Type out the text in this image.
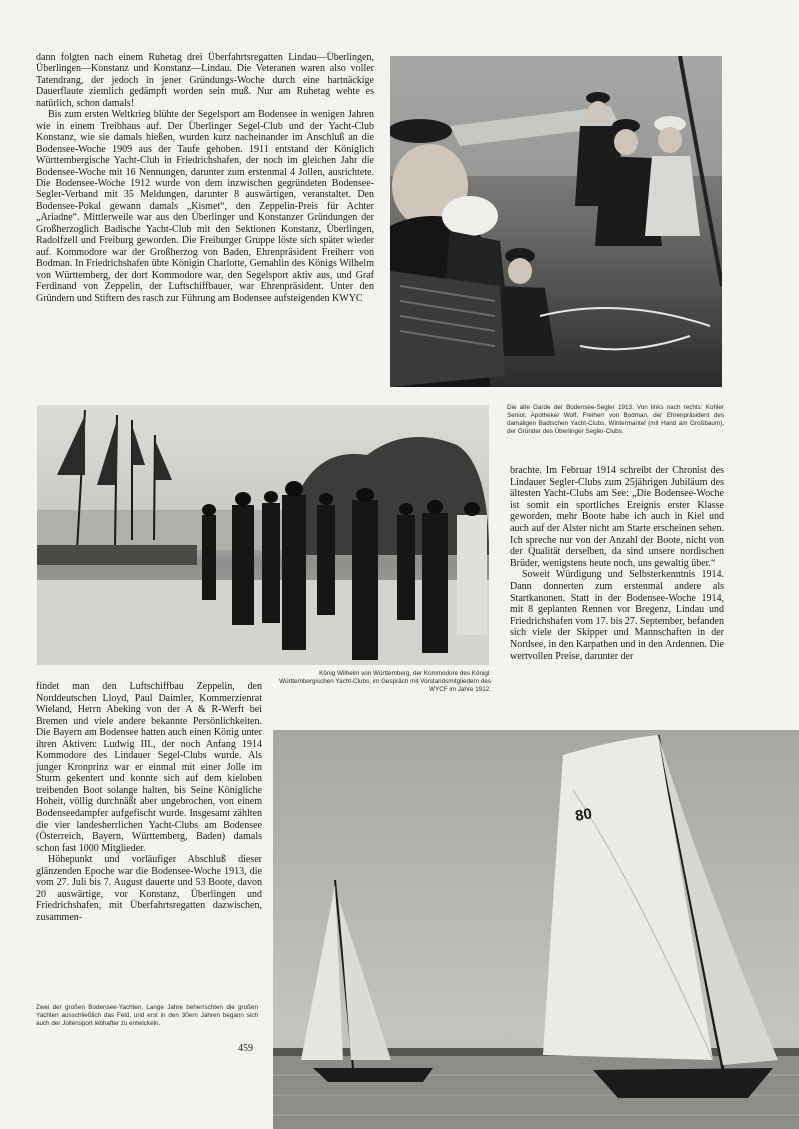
dann folgten nach einem Ruhetag drei Überfahrtsregatten Lindau—Überlingen, Überlingen—Konstanz und Konstanz—Lindau. Die Veteranen waren also voller Tatendrang, der jedoch in jener Gründungs-Woche durch eine hartnäckige Dauerflaute ziemlich gedämpft worden sein muß. Nur am Ruhetag wehte es natürlich, schon damals!

Bis zum ersten Weltkrieg blühte der Segelsport am Bodensee in wenigen Jahren wie in einem Treibhaus auf. Der Überlinger Segel-Club und der Yacht-Club Konstanz, wie sie damals hießen, wurden kurz nacheinander im Anschluß an die Bodensee-Woche 1909 aus der Taufe gehoben. 1911 entstand der Königlich Württembergische Yacht-Club in Friedrichshafen, der noch im gleichen Jahr die Bodensee-Woche mit 16 Nennungen, darunter zum erstenmal 4 Jollen, ausrichtete. Die Bodensee-Woche 1912 wurde von dem inzwischen gegründeten Bodensee-Segler-Verband mit 35 Meldungen, darunter 8 auswärtigen, veranstaltet. Den Bodensee-Pokal gewann damals „Kismet“, den Zeppelin-Preis für Achter „Ariadne“. Mittlerweile war aus den Überlinger und Konstanzer Gründungen der Großherzoglich Badische Yacht-Club mit den Sektionen Konstanz, Überlingen, Radolfzell und Freiburg geworden. Die Freiburger Gruppe löste sich später wieder auf. Kommodore war der Großherzog von Baden, Ehrenpräsident Freiherr von Bodman. In Friedrichshafen übte Königin Charlotte, Gemahlin des Königs Wilhelm von Württemberg, der dort Kommodore war, den Segelsport aktiv aus, und Graf Ferdinand von Zeppelin, der Luftschiffbauer, war Ehrenpräsident. Unter den Gründern und Stiftern des rasch zur Führung am Bodensee aufsteigenden KWYC

Die alte Garde der Bodensee-Segler 1913. Von links nach rechts: Kohler Senior, Apotheker Wolf, Freiherr von Bodman, der Ehrenpräsident des damaligen Badischen Yacht-Clubs, Wintermantel (mit Hand am Großbaum), der Gründer des Überlinger Segler-Clubs.

brachte. Im Februar 1914 schreibt der Chronist des Lindauer Segler-Clubs zum 25jährigen Jubiläum des ältesten Yacht-Clubs am See: „Die Bodensee-Woche ist somit ein sportliches Ereignis erster Klasse geworden, mehr Boote habe ich auch in Kiel und auch auf der Alster nicht am Starte erscheinen sehen. Ich spreche nur von der Anzahl der Boote, nicht von der Qualität derselben, da sind unsere nordischen Brüder, wenigstens heute noch, uns gewaltig über.“

Soweit Würdigung und Selbsterkenntnis 1914. Dann donnerten zum erstenmal andere als Startkanonen. Statt in der Bodensee-Woche 1914, mit 8 geplanten Rennen vor Bregenz, Lindau und Friedrichshafen vom 17. bis 27. September, befanden sich viele der Skipper und Mannschaften in der Nordsee, in den Karpathen und in den Ardennen. Die wertvollen Preise, darunter der

König Wilhelm von Württemberg, der Kommodore des Königl. Württembergischen Yacht-Clubs, im Gespräch mit Vorstandsmitgliedern des WYCF im Jahre 1912.

findet man den Luftschiffbau Zeppelin, den Norddeutschen Lloyd, Paul Daimler, Kommerzienrat Wieland, Herrn Abeking von der A & R-Werft bei Bremen und viele andere bekannte Persönlichkeiten. Die Bayern am Bodensee hatten auch einen König unter ihren Aktiven: Ludwig III., der noch Anfang 1914 Kommodore des Lindauer Segel-Clubs wurde. Als junger Kronprinz war er einmal mit einer Jolle im Sturm gekentert und konnte sich auf dem kieloben treibenden Boot solange halten, bis Seine Königliche Hoheit, völlig durchnäßt aber ungebrochen, von einem Bodenseedampfer aufgefischt wurde. Insgesamt zählten die vier landesherrlichen Yacht-Clubs am Bodensee (Österreich, Bayern, Württemberg, Baden) damals schon fast 1000 Mitglieder.

Höhepunkt und vorläufiger Abschluß dieser glänzenden Epoche war die Bodensee-Woche 1913, die vom 27. Juli bis 7. August dauerte und 53 Boote, davon 20 auswärtige, vor Konstanz, Überlingen und Friedrichshafen, mit Überfahrtsregatten dazwischen, zusammen-

80
Zwei der großen Bodensee-Yachten. Lange Jahre beherrschten die großen Yachten ausschließlich das Feld, und erst in den 30ern Jahren begann sich auch der Jollensport lebhafter zu entwickeln.
459
